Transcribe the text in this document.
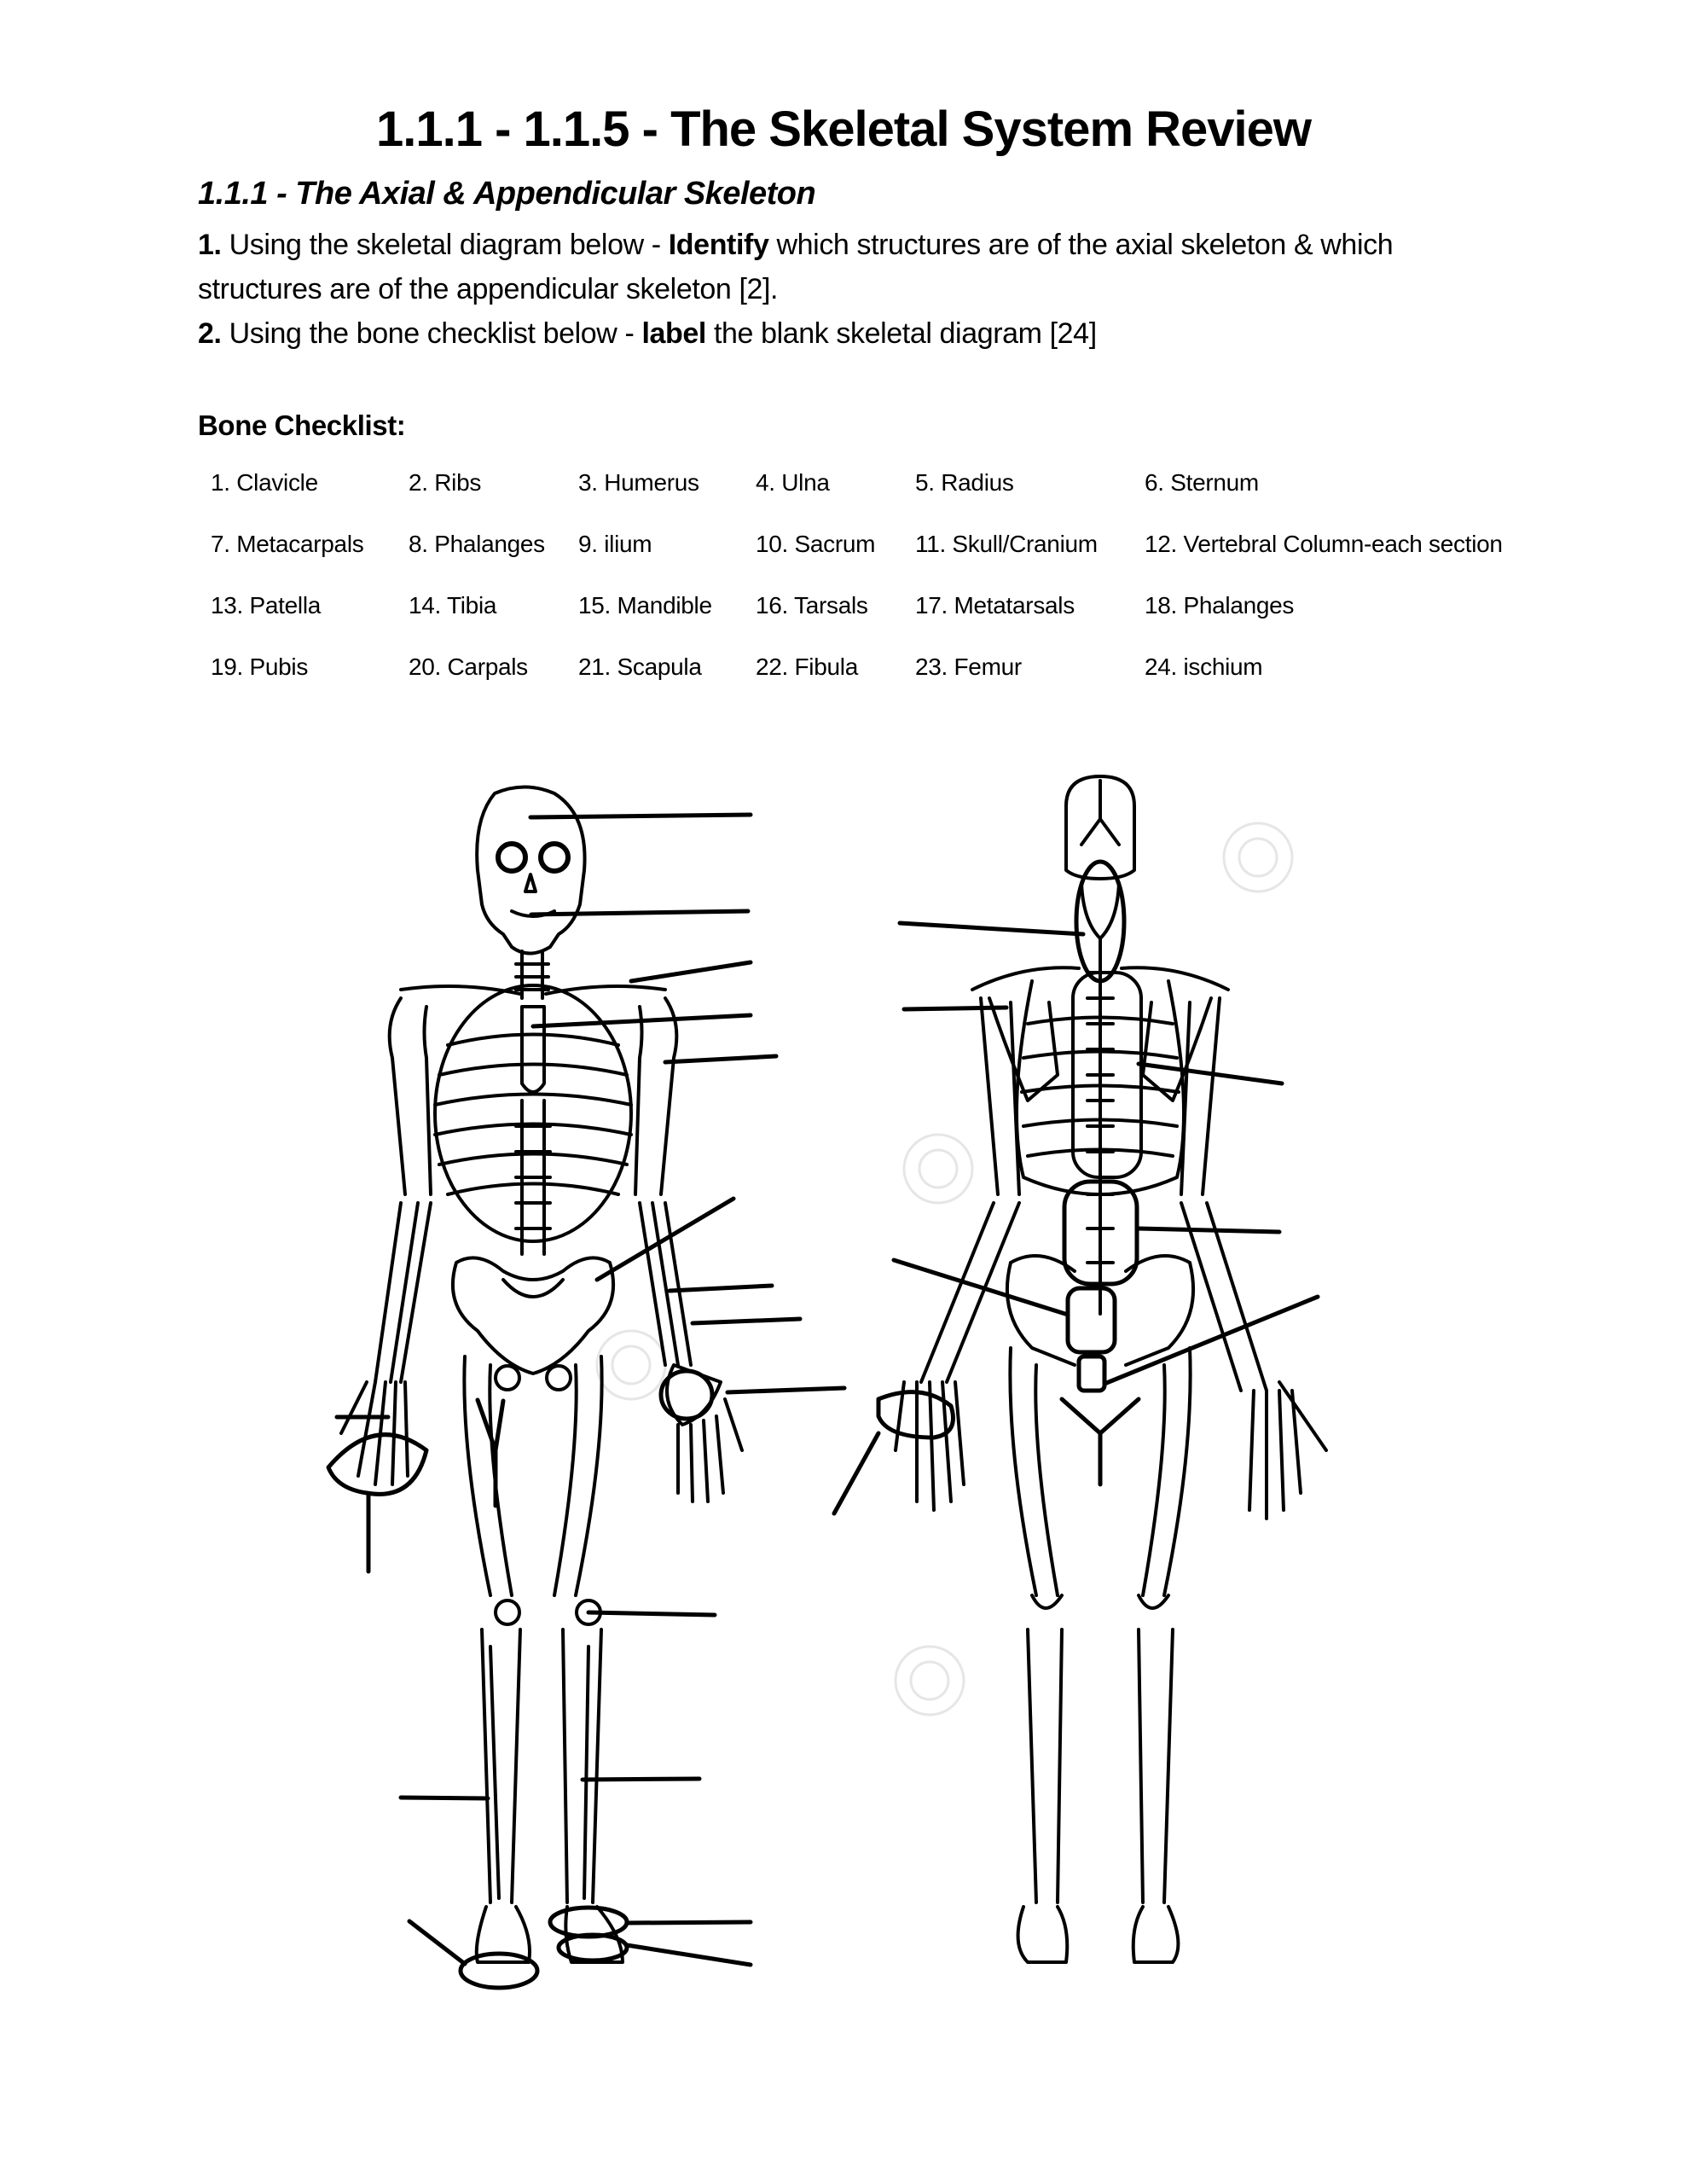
1.1.1 - 1.1.5 - The Skeletal System Review
1.1.1 - The Axial & Appendicular Skeleton
1. Using the skeletal diagram below - Identify which structures are of the axial skeleton & which
structures are of the appendicular skeleton [2].
2. Using the bone checklist below - label the blank skeletal diagram [24]
Bone Checklist:
1. Clavicle	2. Ribs	3. Humerus 4. Ulna	5. Radius	6. Sternum
7. Metacarpals 8. Phalanges 9. ilium	10. Sacrum 11. Skull/Cranium 12. Vertebral Column-each section
13. Patella	14. Tibia	15. Mandible 16. Tarsals 17. Metatarsals	18. Phalanges
19. Pubis	20. Carpals 21. Scapula 22. Fibula 23. Femur	24. ischium
